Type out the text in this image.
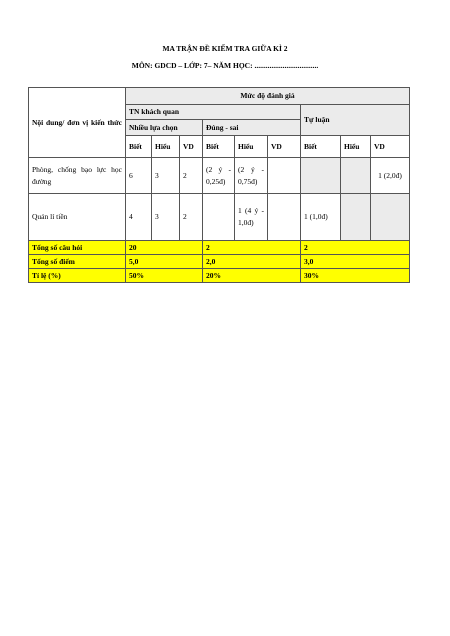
MA TRẬN ĐỀ KIỂM TRA GIỮA KÌ 2
MÔN: GDCD – LỚP: 7– NĂM HỌC: ..................................
Nội dung/ đơn vị kiến thức	Mức độ đánh giá								
	TN khách quan						Tự luận		
	Nhiều lựa chọn			Đúng - sai					
	Biết	Hiểu	VD	Biết	Hiểu	VD	Biết	Hiểu	VD
Phòng, chống bạo lực học đường	6	3	2	(2 ý - 0,25đ)	(2 ý - 0,75đ)				1 (2,0đ)
Quản lí tiền	4	3	2		1 (4 ý - 1,0đ)		1 (1,0đ)		
Tổng số câu hỏi	20			2			2		
Tổng số điểm	5,0			2,0			3,0		
Tỉ lệ (%)	50%			20%			30%		
